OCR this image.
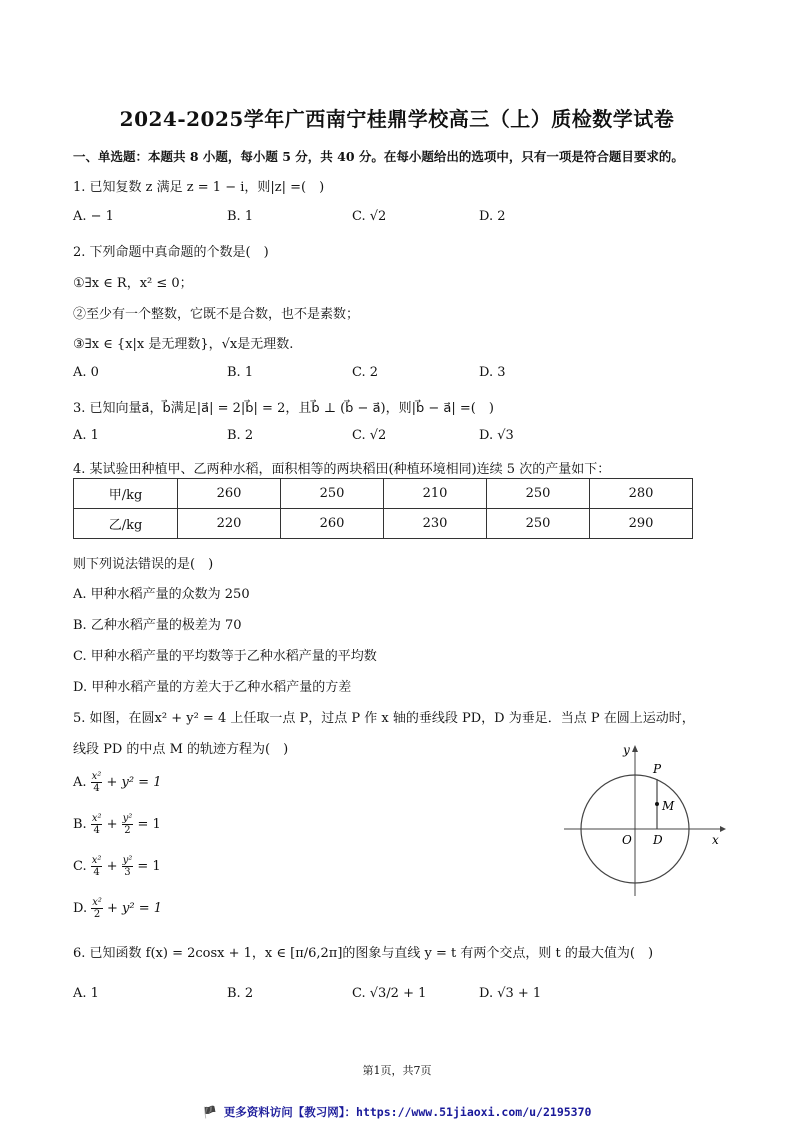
2024-2025学年广西南宁桂鼎学校高三（上）质检数学试卷
一、单选题：本题共 8 小题，每小题 5 分，共 40 分。在每小题给出的选项中，只有一项是符合题目要求的。
1. 已知复数 z 满足 z = 1 − i，则|z| =(　)
A. − 1	B. 1	C. √2	D. 2
2. 下列命题中真命题的个数是(　)
①∃x ∈ R，x² ≤ 0；
②至少有一个整数，它既不是合数，也不是素数；
③∃x ∈ {x|x 是无理数}，√x是无理数.
A. 0	B. 1	C. 2	D. 3
3. 已知向量a⃗，b⃗满足|a⃗| = 2|b⃗| = 2，且b⃗ ⊥ (b⃗ − a⃗)，则|b⃗ − a⃗| =(　)
A. 1	B. 2	C. √2	D. √3
4. 某试验田种植甲、乙两种水稻，面积相等的两块稻田(种植环境相同)连续 5 次的产量如下：
甲/kg	260	250	210	250	280
乙/kg	220	260	230	250	290
则下列说法错误的是(　)
A. 甲种水稻产量的众数为 250
B. 乙种水稻产量的极差为 70
C. 甲种水稻产量的平均数等于乙种水稻产量的平均数
D. 甲种水稻产量的方差大于乙种水稻产量的方差
5. 如图，在圆x² + y² = 4 上任取一点 P，过点 P 作 x 轴的垂线段 PD，D 为垂足．当点 P 在圆上运动时，
线段 PD 的中点 M 的轨迹方程为(　)
A. $\frac{\text{x²}}{4} + y^2 = 1$
B. $\frac{\text{x²}}{4} + \frac{\text{y²}}{2} = 1$
C. $\frac{\text{x²}}{4} + \frac{\text{y²}}{3} = 1$
D. $\frac{\text{x²}}{2} + y^2 = 1$
y
x
O D
P
M
6. 已知函数 f(x) = 2cosx + 1，x ∈ [π/6,2π]的图象与直线 y = t 有两个交点，则 t 的最大值为(　)
A. 1	B. 2	C. √3/2 + 1	D. √3 + 1
第1页，共7页
🏴 更多资料访问【教习网】：https://www.51jiaoxi.com/u/2195370
